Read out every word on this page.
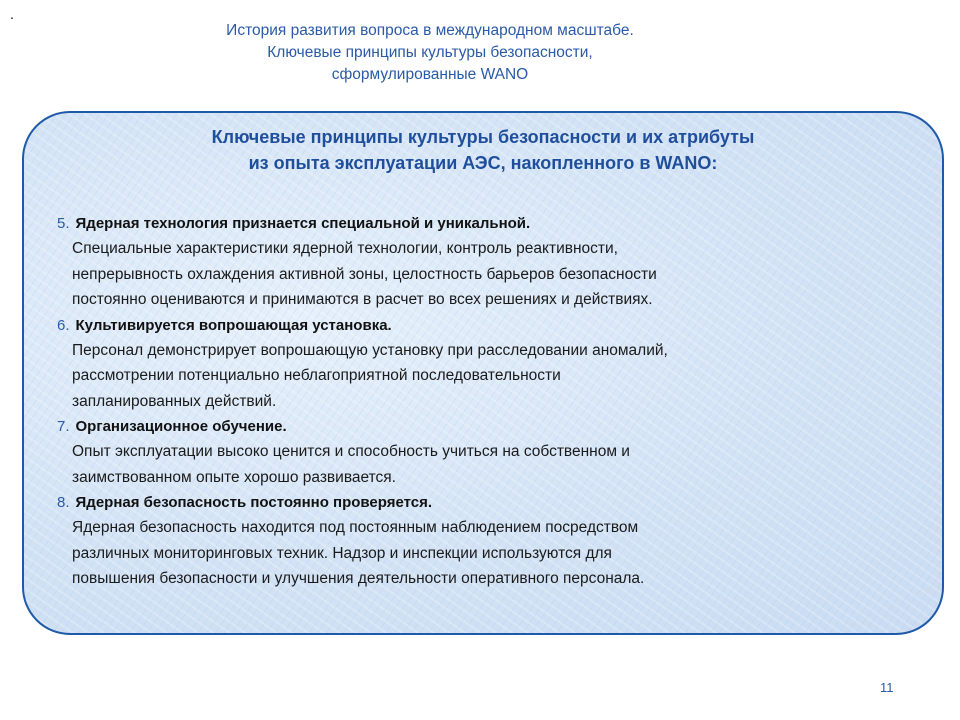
.
История развития вопроса в международном масштабе.
Ключевые принципы культуры безопасности,
сформулированные WANO
Ключевые принципы культуры безопасности и их атрибуты
из опыта эксплуатации АЭС, накопленного в WANO:
5. Ядерная технология признается специальной и уникальной.
Специальные характеристики ядерной технологии, контроль реактивности,
непрерывность охлаждения активной зоны, целостность барьеров безопасности
постоянно оцениваются и принимаются в расчет во всех решениях и действиях.
6. Культивируется вопрошающая установка.
Персонал демонстрирует вопрошающую установку при расследовании аномалий,
рассмотрении потенциально неблагоприятной последовательности
запланированных действий.
7. Организационное обучение.
Опыт эксплуатации высоко ценится и способность учиться на собственном и
заимствованном опыте хорошо развивается.
8. Ядерная безопасность постоянно проверяется.
Ядерная безопасность находится под постоянным наблюдением посредством
различных мониторинговых техник. Надзор и инспекции используются для
повышения безопасности и улучшения деятельности оперативного персонала.
11
